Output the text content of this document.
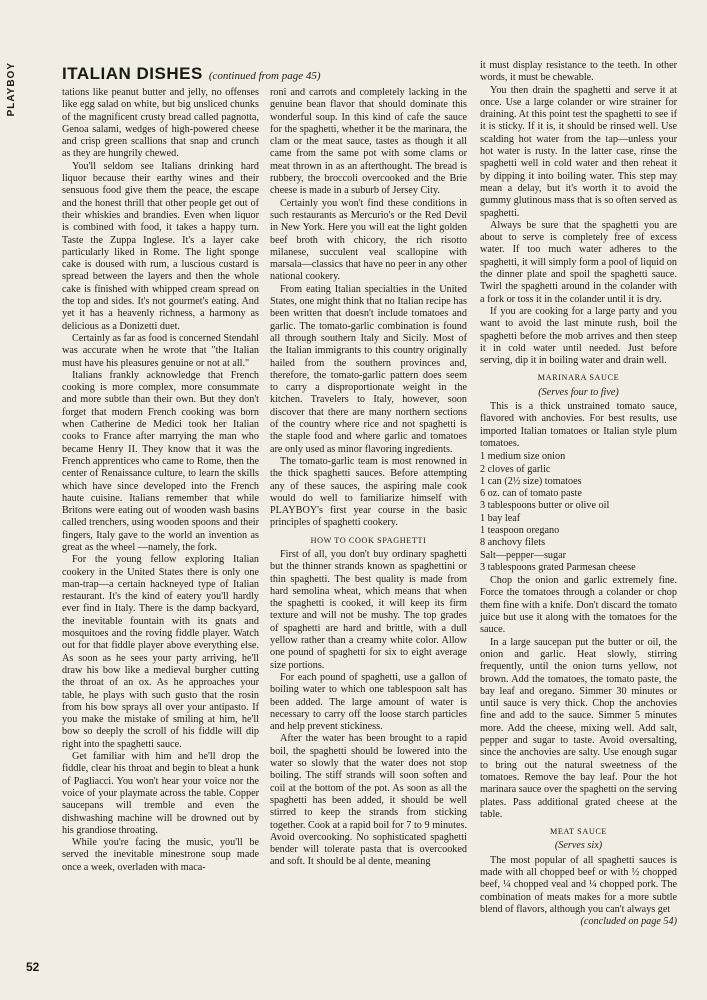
PLAYBOY
52
ITALIAN DISHES (continued from page 45)

tations like peanut butter and jelly, no offenses like egg salad on white, but big unsliced chunks of the magnificent crusty bread called pagnotta, Genoa salami, wedges of high-powered cheese and crisp green scallions that snap and crunch as they are hungrily chewed.

You'll seldom see Italians drinking hard liquor because their earthy wines and their sensuous food give them the peace, the escape and the honest thrill that other people get out of their whiskies and brandies. Even when liquor is combined with food, it takes a happy turn. Taste the Zuppa Inglese. It's a layer cake particularly liked in Rome. The light sponge cake is doused with rum, a luscious custard is spread between the layers and then the whole cake is finished with whipped cream spread on the top and sides. It's not gourmet's eating. And yet it has a heavenly richness, a harmony as delicious as a Donizetti duet.

Certainly as far as food is concerned Stendahl was accurate when he wrote that "the Italian must have his pleasures genuine or not at all."

Italians frankly acknowledge that French cooking is more complex, more consummate and more subtle than their own. But they don't forget that modern French cooking was born when Catherine de Medici took her Italian cooks to France after marrying the man who became Henry II. They know that it was the French apprentices who came to Rome, then the center of Renaissance culture, to learn the skills which have since developed into the French haute cuisine. Italians remember that while Britons were eating out of wooden wash basins called trenchers, using wooden spoons and their fingers, Italy gave to the world an invention as great as the wheel —namely, the fork.

For the young fellow exploring Italian cookery in the United States there is only one man-trap—a certain hackneyed type of Italian restaurant. It's the kind of eatery you'll hardly ever find in Italy. There is the damp backyard, the inevitable fountain with its gnats and mosquitoes and the roving fiddle player. Watch out for that fiddle player above everything else. As soon as he sees your party arriving, he'll draw his bow like a medieval burgher cutting the throat of an ox. As he approaches your table, he plays with such gusto that the rosin from his bow sprays all over your antipasto. If you make the mistake of smiling at him, he'll bow so deeply the scroll of his fiddle will dip right into the spaghetti sauce.

Get familiar with him and he'll drop the fiddle, clear his throat and begin to bleat a hunk of Pagliacci. You won't hear your voice nor the voice of your playmate across the table. Copper saucepans will tremble and even the dishwashing machine will be drowned out by his grandiose throating.

While you're facing the music, you'll be served the inevitable minestrone soup made once a week, overladen with maca-

roni and carrots and completely lacking in the genuine bean flavor that should dominate this wonderful soup. In this kind of cafe the sauce for the spaghetti, whether it be the marinara, the clam or the meat sauce, tastes as though it all came from the same pot with some clams or meat thrown in as an afterthought. The bread is rubbery, the broccoli overcooked and the Brie cheese is made in a suburb of Jersey City.

Certainly you won't find these conditions in such restaurants as Mercurio's or the Red Devil in New York. Here you will eat the light golden beef broth with chicory, the rich risotto milanese, succulent veal scallopine with marsala—classics that have no peer in any other national cookery.

From eating Italian specialties in the United States, one might think that no Italian recipe has been written that doesn't include tomatoes and garlic. The tomato-garlic combination is found all through southern Italy and Sicily. Most of the Italian immigrants to this country originally hailed from the southern provinces and, therefore, the tomato-garlic pattern does seem to carry a disproportionate weight in the kitchen. Travelers to Italy, however, soon discover that there are many northern sections of the country where rice and not spaghetti is the staple food and where garlic and tomatoes are only used as minor flavoring ingredients.

The tomato-garlic team is most renowned in the thick spaghetti sauces. Before attempting any of these sauces, the aspiring male cook would do well to familiarize himself with PLAYBOY's first year course in the basic principles of spaghetti cookery.

HOW TO COOK SPAGHETTI

First of all, you don't buy ordinary spaghetti but the thinner strands known as spaghettini or thin spaghetti. The best quality is made from hard semolina wheat, which means that when the spaghetti is cooked, it will keep its firm texture and will not be mushy. The top grades of spaghetti are hard and brittle, with a dull yellow rather than a creamy white color. Allow one pound of spaghetti for six to eight average size portions.

For each pound of spaghetti, use a gallon of boiling water to which one tablespoon salt has been added. The large amount of water is necessary to carry off the loose starch particles and help prevent stickiness.

After the water has been brought to a rapid boil, the spaghetti should be lowered into the water so slowly that the water does not stop boiling. The stiff strands will soon soften and coil at the bottom of the pot. As soon as all the spaghetti has been added, it should be well stirred to keep the strands from sticking together. Cook at a rapid boil for 7 to 9 minutes. Avoid overcooking. No sophisticated spaghetti bender will tolerate pasta that is overcooked and soft. It should be al dente, meaning

it must display resistance to the teeth. In other words, it must be chewable.

You then drain the spaghetti and serve it at once. Use a large colander or wire strainer for draining. At this point test the spaghetti to see if it is sticky. If it is, it should be rinsed well. Use scalding hot water from the tap—unless your hot water is rusty. In the latter case, rinse the spaghetti well in cold water and then reheat it by dipping it into boiling water. This step may mean a delay, but it's worth it to avoid the gummy glutinous mass that is so often served as spaghetti.

Always be sure that the spaghetti you are about to serve is completely free of excess water. If too much water adheres to the spaghetti, it will simply form a pool of liquid on the dinner plate and spoil the spaghetti sauce. Twirl the spaghetti around in the colander with a fork or toss it in the colander until it is dry.

If you are cooking for a large party and you want to avoid the last minute rush, boil the spaghetti before the mob arrives and then steep it in cold water until needed. Just before serving, dip it in boiling water and drain well.

MARINARA SAUCE
(Serves four to five)

This is a thick unstrained tomato sauce, flavored with anchovies. For best results, use imported Italian tomatoes or Italian style plum tomatoes.

1 medium size onion
2 cloves of garlic
1 can (2½ size) tomatoes
6 oz. can of tomato paste
3 tablespoons butter or olive oil
1 bay leaf
1 teaspoon oregano
8 anchovy filets
Salt—pepper—sugar
3 tablespoons grated Parmesan cheese

Chop the onion and garlic extremely fine. Force the tomatoes through a colander or chop them fine with a knife. Don't discard the tomato juice but use it along with the tomatoes for the sauce.

In a large saucepan put the butter or oil, the onion and garlic. Heat slowly, stirring frequently, until the onion turns yellow, not brown. Add the tomatoes, the tomato paste, the bay leaf and oregano. Simmer 30 minutes or until sauce is very thick. Chop the anchovies fine and add to the sauce. Simmer 5 minutes more. Add the cheese, mixing well. Add salt, pepper and sugar to taste. Avoid oversalting, since the anchovies are salty. Use enough sugar to bring out the natural sweetness of the tomatoes. Remove the bay leaf. Pour the hot marinara sauce over the spaghetti on the serving plates. Pass additional grated cheese at the table.

MEAT SAUCE
(Serves six)

The most popular of all spaghetti sauces is made with all chopped beef or with ½ chopped beef, ¼ chopped veal and ¼ chopped pork. The combination of meats makes for a more subtle blend of flavors, although you can't always get

(concluded on page 54)
